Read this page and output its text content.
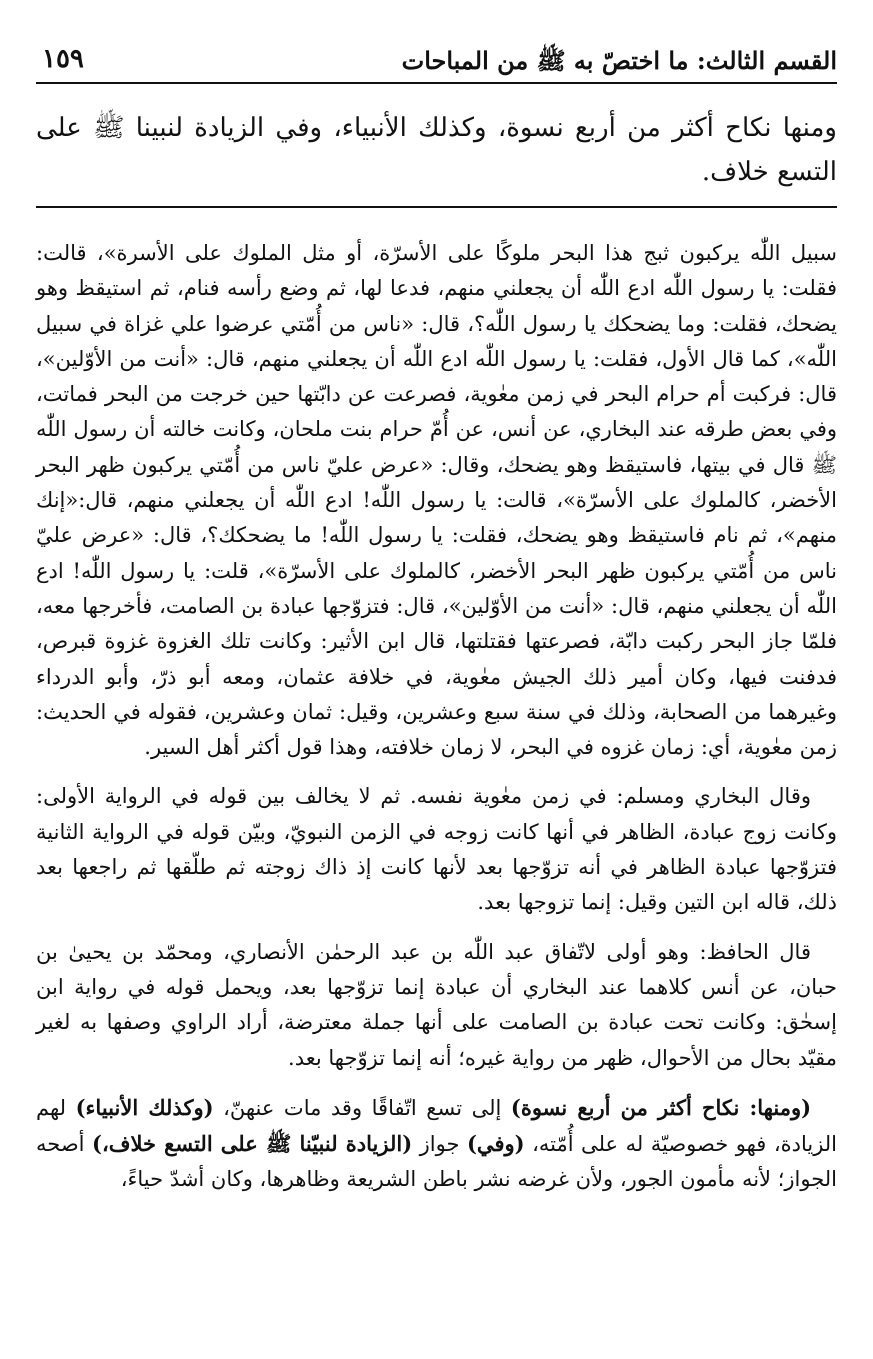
القسم الثالث: ما اختصّ به ﷺ من المباحات
١٥٩
ومنها نكاح أكثر من أربع نسوة، وكذلك الأنبياء، وفي الزيادة لنبينا ﷺ على التسع خلاف.

سبيل اللّٰه يركبون ثبج هذا البحر ملوكًا على الأسرّة، أو مثل الملوك على الأسرة»، قالت: فقلت: يا رسول اللّٰه ادع اللّٰه أن يجعلني منهم، فدعا لها، ثم وضع رأسه فنام، ثم استيقظ وهو يضحك، فقلت: وما يضحكك يا رسول اللّٰه؟، قال: «ناس من أُمّتي عرضوا علي غزاة في سبيل اللّٰه»، كما قال الأول، فقلت: يا رسول اللّٰه ادع اللّٰه أن يجعلني منهم، قال: «أنت من الأوّلين»، قال: فركبت أم حرام البحر في زمن معٰوية، فصرعت عن دابّتها حين خرجت من البحر فماتت، وفي بعض طرقه عند البخاري، عن أنس، عن أُمّ حرام بنت ملحان، وكانت خالته أن رسول اللّٰه ﷺ قال في بيتها، فاستيقظ وهو يضحك، وقال: «عرض عليّ ناس من أُمّتي يركبون ظهر البحر الأخضر، كالملوك على الأسرّة»، قالت: يا رسول اللّٰه! ادع اللّٰه أن يجعلني منهم، قال:«إنك منهم»، ثم نام فاستيقظ وهو يضحك، فقلت: يا رسول اللّٰه! ما يضحكك؟، قال: «عرض عليّ ناس من أُمّتي يركبون ظهر البحر الأخضر، كالملوك على الأسرّة»، قلت: يا رسول اللّٰه! ادع اللّٰه أن يجعلني منهم، قال: «أنت من الأوّلين»، قال: فتزوّجها عبادة بن الصامت، فأخرجها معه، فلمّا جاز البحر ركبت دابّة، فصرعتها فقتلتها، قال ابن الأثير: وكانت تلك الغزوة غزوة قبرص، فدفنت فيها، وكان أمير ذلك الجيش معٰوية، في خلافة عثمان، ومعه أبو ذرّ، وأبو الدرداء وغيرهما من الصحابة، وذلك في سنة سبع وعشرين، وقيل: ثمان وعشرين، فقوله في الحديث: زمن معٰوية، أي: زمان غزوه في البحر، لا زمان خلافته، وهذا قول أكثر أهل السير.

وقال البخاري ومسلم: في زمن معٰوية نفسه. ثم لا يخالف بين قوله في الرواية الأولى: وكانت زوج عبادة، الظاهر في أنها كانت زوجه في الزمن النبويّ، وبيّن قوله في الرواية الثانية فتزوّجها عبادة الظاهر في أنه تزوّجها بعد لأنها كانت إذ ذاك زوجته ثم طلّقها ثم راجعها بعد ذلك، قاله ابن التين وقيل: إنما تزوجها بعد.

قال الحافظ: وهو أولى لاتّفاق عبد اللّٰه بن عبد الرحمٰن الأنصاري، ومحمّد بن يحيىٰ بن حبان، عن أنس كلاهما عند البخاري أن عبادة إنما تزوّجها بعد، ويحمل قوله في رواية ابن إسحٰق: وكانت تحت عبادة بن الصامت على أنها جملة معترضة، أراد الراوي وصفها به لغير مقيّد بحال من الأحوال، ظهر من رواية غيره؛ أنه إنما تزوّجها بعد.

(ومنها: نكاح أكثر من أربع نسوة) إلى تسع اتّفاقًا وقد مات عنهنّ، (وكذلك الأنبياء) لهم الزيادة، فهو خصوصيّة له على أُمّته، (وفي) جواز (الزيادة لنبيّنا ﷺ على التسع خلاف،) أصحه الجواز؛ لأنه مأمون الجور، ولأن غرضه نشر باطن الشريعة وظاهرها، وكان أشدّ حياءً،
